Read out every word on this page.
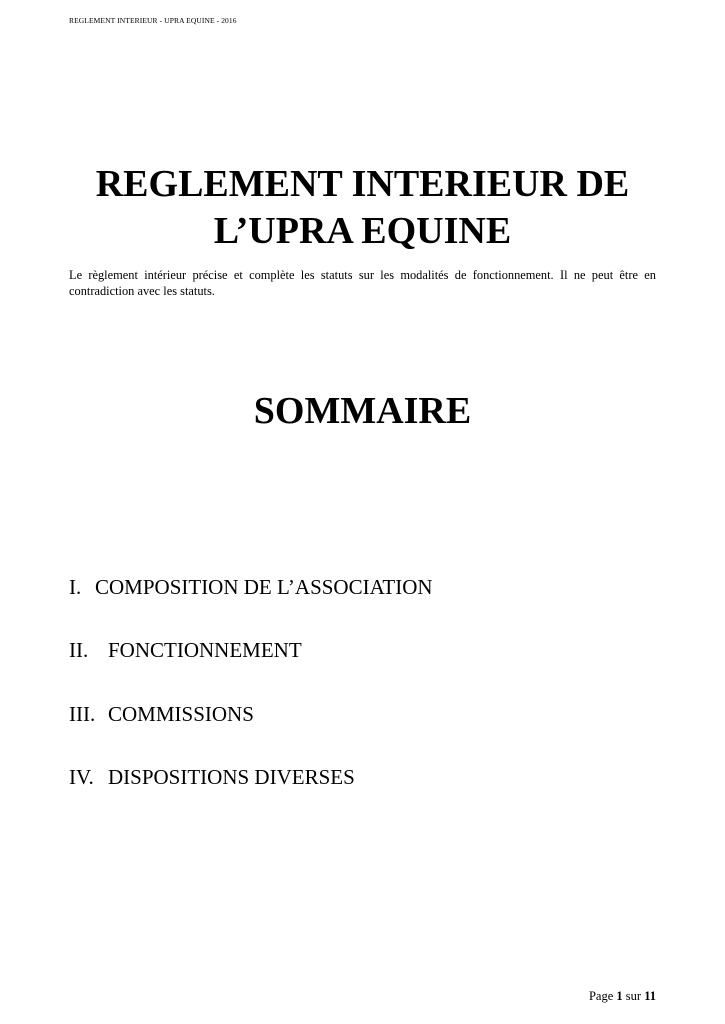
REGLEMENT INTERIEUR - UPRA EQUINE - 2016
REGLEMENT INTERIEUR DE
L’UPRA EQUINE

Le règlement intérieur précise et complète les statuts sur les modalités de fonctionnement. Il ne peut être en contradiction avec les statuts.

SOMMAIRE
I. COMPOSITION DE L’ASSOCIATION
II. FONCTIONNEMENT
III. COMMISSIONS
IV. DISPOSITIONS DIVERSES
Page 1 sur 11
